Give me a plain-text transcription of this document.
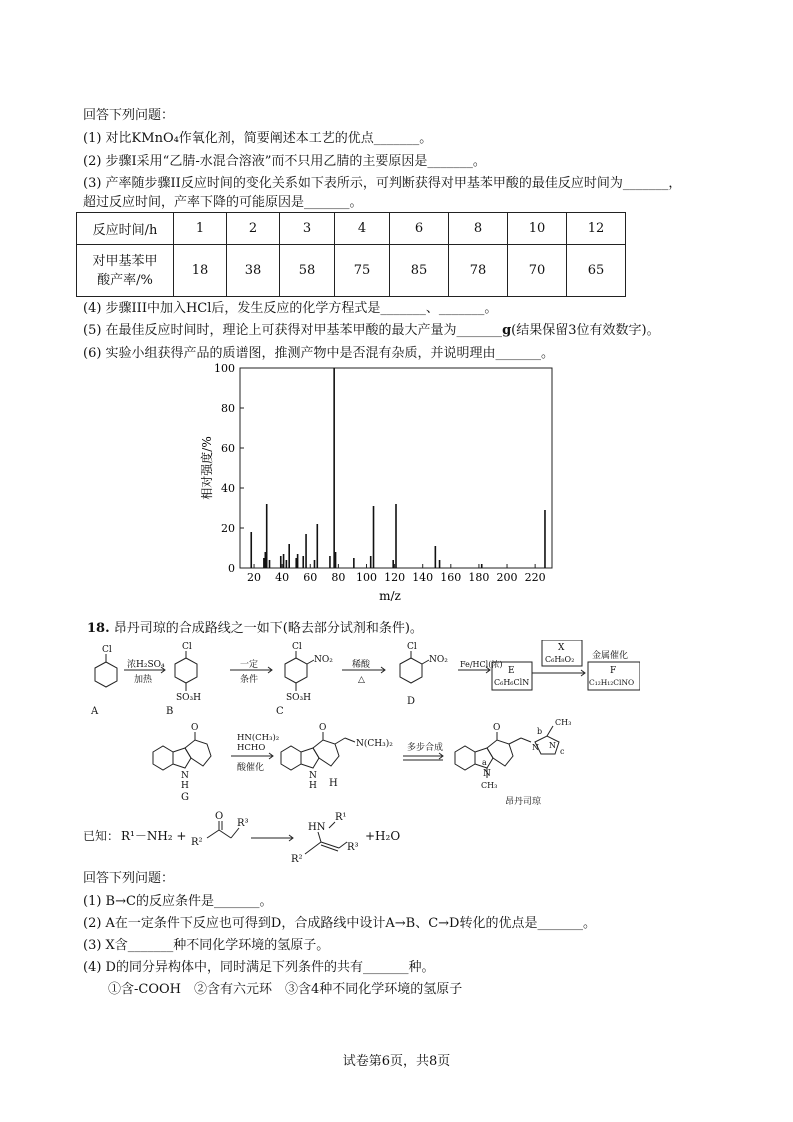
回答下列问题：
(1) 对比KMnO₄作氧化剂，简要阐述本工艺的优点_______。
(2) 步骤I采用“乙腈-水混合溶液”而不只用乙腈的主要原因是_______。
(3) 产率随步骤II反应时间的变化关系如下表所示，可判断获得对甲基苯甲酸的最佳反应时间为_______，
超过反应时间，产率下降的可能原因是_______。
反应时间/h	1	2	3	4	6	8	10	12

对甲基苯甲
酸产率/%	18	38	58	75	85	78	70	65
(4) 步骤III中加入HCl后，发生反应的化学方程式是_______、_______。
(5) 在最佳反应时间时，理论上可获得对甲基苯甲酸的最大产量为_______g(结果保留3位有效数字)。
(6) 实验小组获得产品的质谱图，推测产物中是否混有杂质，并说明理由_______。
20 40 60 80 100 120 140 160 180 200 220
0
20
40
60
80
100
m/z
相对强度/%
18. 昂丹司琼的合成路线之一如下(略去部分试剂和条件)。
Cl	Cl	Cl	Cl
SO₃H	SO₃H
NO₂	NO₂
浓H₂SO₄
加热
一定
条件
稀酸
△
Fe/HCl(浓)
金属催化
E
C₆H₆ClN
X
C₆H₈O₂
F
C₁₂H₁₂ClNO
A	B	C
D
O	O	O
N
H
N
H
N(CH₃)₂
HN(CH₃)₂
HCHO
酸催化
多步合成
N
CH₃
a
b
c
N N
CH₃
G
H
昂丹司琼
已知： R¹－NH₂ + R²
R³
O
HN
R¹
R²
R³
+H₂O
回答下列问题：
(1) B→C的反应条件是_______。
(2) A在一定条件下反应也可得到D，合成路线中设计A→B、C→D转化的优点是_______。
(3) X含_______种不同化学环境的氢原子。
(4) D的同分异构体中，同时满足下列条件的共有_______种。
①含-COOH　②含有六元环　③含4种不同化学环境的氢原子
试卷第6页，共8页
